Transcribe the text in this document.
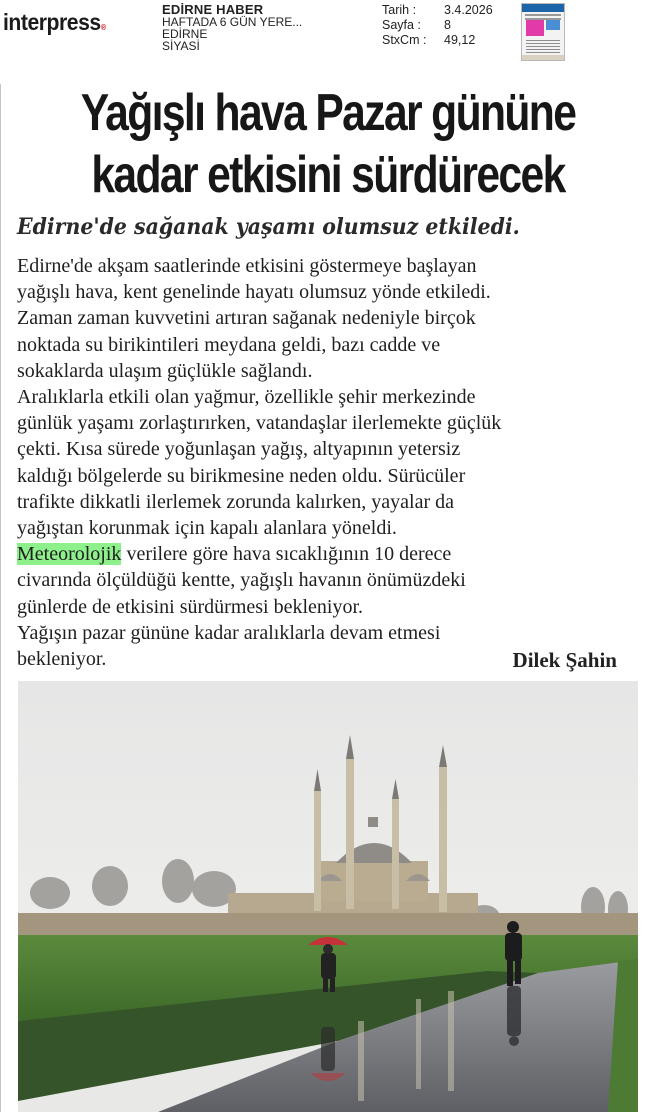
interpress®
EDİRNE HABER
HAFTADA 6 GÜN YERE...
EDİRNE
SİYASİ
Tarih :	3.4.2026
Sayfa :	8
StxCm :	49,12
Yağışlı hava Pazar gününe
kadar etkisini sürdürecek
Edirne'de sağanak yaşamı olumsuz etkiledi.

Edirne'de akşam saatlerinde etkisini göstermeye başlayan

yağışlı hava, kent genelinde hayatı olumsuz yönde etkiledi.

Zaman zaman kuvvetini artıran sağanak nedeniyle birçok

noktada su birikintileri meydana geldi, bazı cadde ve

sokaklarda ulaşım güçlükle sağlandı.

Aralıklarla etkili olan yağmur, özellikle şehir merkezinde

günlük yaşamı zorlaştırırken, vatandaşlar ilerlemekte güçlük

çekti. Kısa sürede yoğunlaşan yağış, altyapının yetersiz

kaldığı bölgelerde su birikmesine neden oldu. Sürücüler

trafikte dikkatli ilerlemek zorunda kalırken, yayalar da

yağıştan korunmak için kapalı alanlara yöneldi.

Meteorolojik verilere göre hava sıcaklığının 10 derece

civarında ölçüldüğü kentte, yağışlı havanın önümüzdeki

günlerde de etkisini sürdürmesi bekleniyor.

Yağışın pazar gününe kadar aralıklarla devam etmesi

bekleniyor.	Dilek Şahin
